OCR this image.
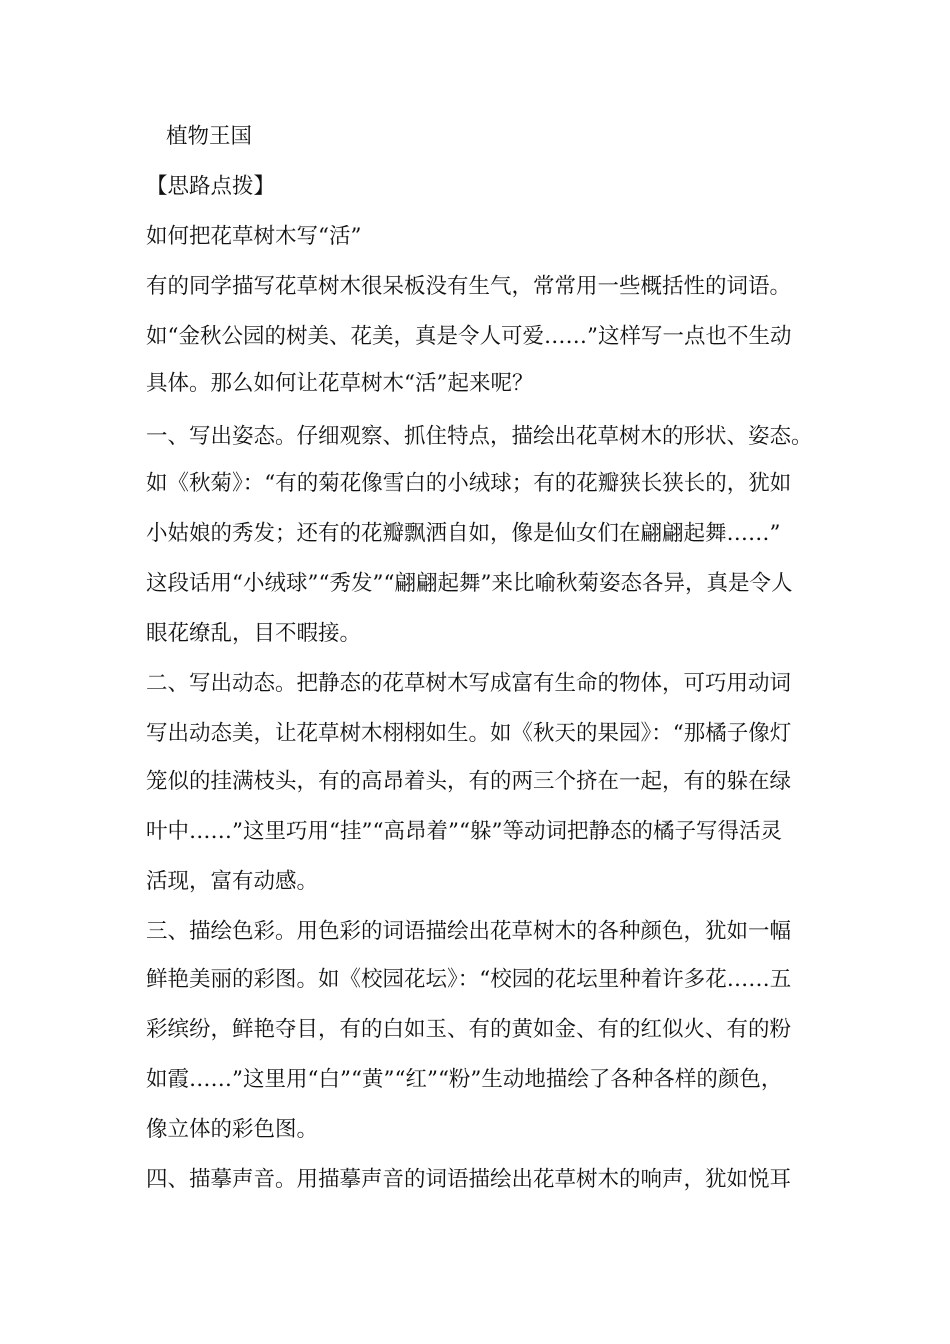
植物王国
【思路点拨】
如何把花草树木写“活”
有的同学描写花草树木很呆板没有生气，常常用一些概括性的词语。
如“金秋公园的树美、花美，真是令人可爱……”这样写一点也不生动
具体。那么如何让花草树木“活”起来呢？
一、写出姿态。仔细观察、抓住特点，描绘出花草树木的形状、姿态。
如《秋菊》：“有的菊花像雪白的小绒球；有的花瓣狭长狭长的，犹如
小姑娘的秀发；还有的花瓣飘洒自如，像是仙女们在翩翩起舞……”
这段话用“小绒球”“秀发”“翩翩起舞”来比喻秋菊姿态各异，真是令人
眼花缭乱，目不暇接。
二、写出动态。把静态的花草树木写成富有生命的物体，可巧用动词
写出动态美，让花草树木栩栩如生。如《秋天的果园》：“那橘子像灯
笼似的挂满枝头，有的高昂着头，有的两三个挤在一起，有的躲在绿
叶中……”这里巧用“挂”“高昂着”“躲”等动词把静态的橘子写得活灵
活现，富有动感。
三、描绘色彩。用色彩的词语描绘出花草树木的各种颜色，犹如一幅
鲜艳美丽的彩图。如《校园花坛》：“校园的花坛里种着许多花……五
彩缤纷，鲜艳夺目，有的白如玉、有的黄如金、有的红似火、有的粉
如霞……”这里用“白”“黄”“红”“粉”生动地描绘了各种各样的颜色，
像立体的彩色图。
四、描摹声音。用描摹声音的词语描绘出花草树木的响声，犹如悦耳
